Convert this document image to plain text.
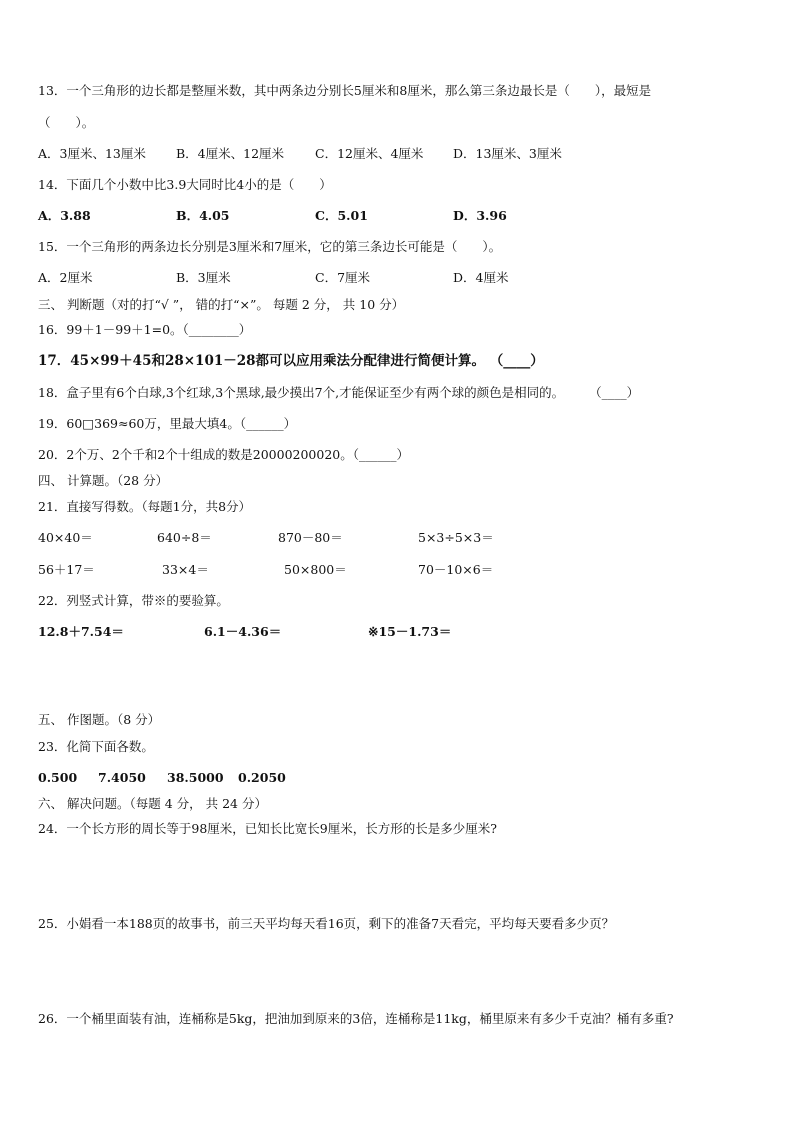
13．一个三角形的边长都是整厘米数，其中两条边分别长5厘米和8厘米，那么第三条边最长是（　　），最短是
（　　）。
A．3厘米、13厘米 B．4厘米、12厘米 C．12厘米、4厘米 D．13厘米、3厘米
14．下面几个小数中比3.9大同时比4小的是（　　）
A．3.88	B．4.05	C．5.01	D．3.96
15．一个三角形的两条边长分别是3厘米和7厘米，它的第三条边长可能是（　　）。
A．2厘米	B．3厘米	C．7厘米	D．4厘米
三、 判断题（对的打“√ ”， 错的打“×”。 每题 2 分， 共 10 分）
16．99＋1－99＋1=0。（________）
17．45×99＋45和28×101－28都可以应用乘法分配律进行简便计算。 （____）
18．盒子里有6个白球,3个红球,3个黑球,最少摸出7个,才能保证至少有两个球的颜色是相同的。　　　（____）
19．60□369≈60万，里最大填4。（______）
20．2个万、2个千和2个十组成的数是20000200020。（______）
四、 计算题。（28 分）
21．直接写得数。（每题1分，共8分）
40×40＝	640÷8＝	870－80＝	5×3÷5×3＝
56＋17＝	33×4＝	50×800＝	70－10×6＝
22．列竖式计算，带※的要验算。
12.8＋7.54＝	6.1－4.36＝	※15－1.73＝
五、 作图题。（8 分）
23．化简下面各数。
0.500 7.4050 38.5000 0.2050
六、 解决问题。（每题 4 分， 共 24 分）
24．一个长方形的周长等于98厘米，已知长比宽长9厘米，长方形的长是多少厘米?
25．小娟看一本188页的故事书，前三天平均每天看16页，剩下的准备7天看完，平均每天要看多少页？
26．一个桶里面装有油，连桶称是5kg，把油加到原来的3倍，连桶称是11kg，桶里原来有多少千克油？桶有多重?
